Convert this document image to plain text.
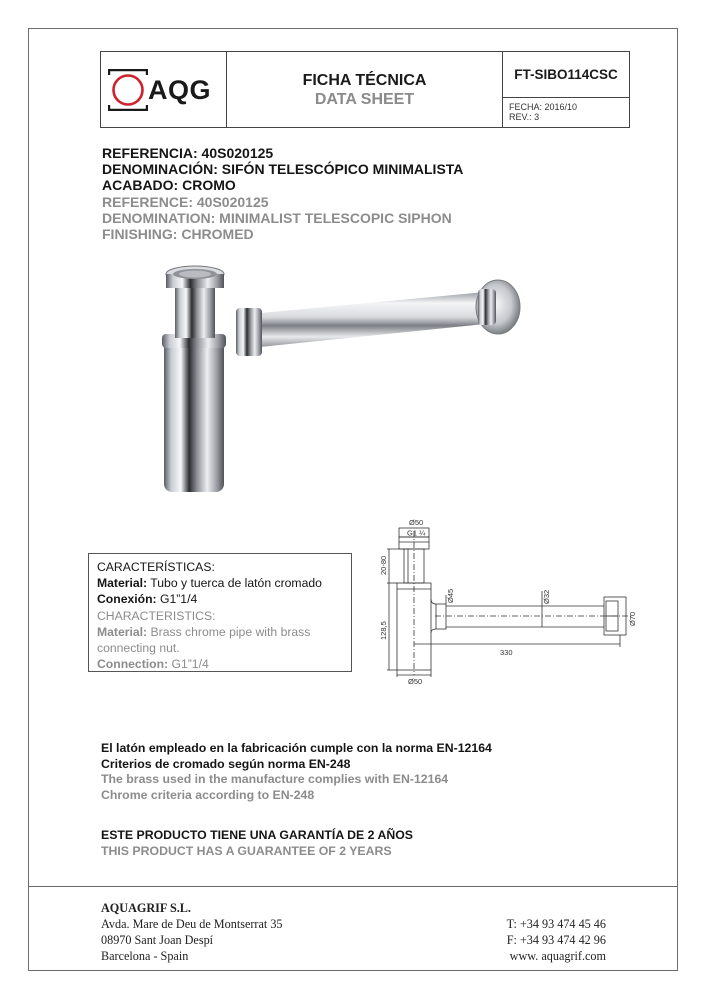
AQG	FICHA TÉCNICA
DATA SHEET
FT-SIBO114CSC
FECHA: 2016/10
REV.: 3
REFERENCIA: 40S020125
DENOMINACIÓN: SIFÓN TELESCÓPICO MINIMALISTA
ACABADO: CROMO
REFERENCE: 40S020125
DENOMINATION: MINIMALIST TELESCOPIC SIPHON
FINISHING: CHROMED
CARACTERÍSTICAS:
Material: Tubo y tuerca de latón cromado
Conexión: G1”1/4
CHARACTERISTICS:
Material: Brass chrome pipe with brass connecting nut.
Connection: G1”1/4
Ø50
G1 ¼
330
20-80
128,5
Ø50
Ø45	Ø32
Ø70
El latón empleado en la fabricación cumple con la norma EN-12164
Criterios de cromado según norma EN-248
The brass used in the manufacture complies with EN-12164
Chrome criteria according to EN-248
ESTE PRODUCTO TIENE UNA GARANTÍA DE 2 AÑOS
THIS PRODUCT HAS A GUARANTEE OF 2 YEARS
AQUAGRIF S.L.
Avda. Mare de Deu de Montserrat 35
08970 Sant Joan Despí
Barcelona - Spain
T: +34 93 474 45 46
F: +34 93 474 42 96
www. aquagrif.com
